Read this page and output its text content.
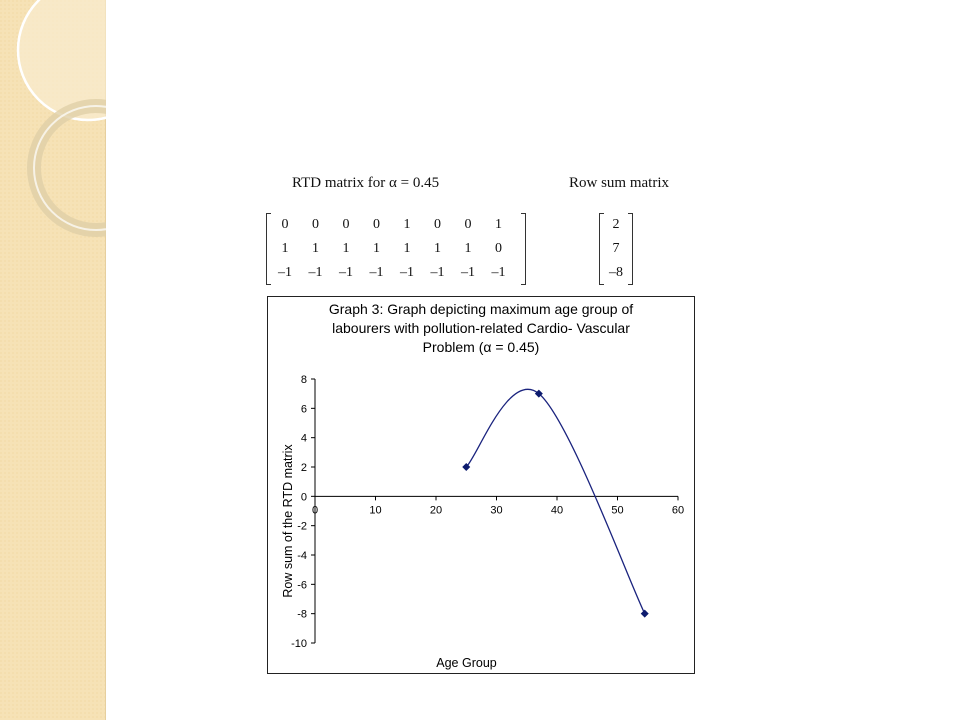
RTD matrix for α = 0.45	Row sum matrix
0	0	0	0	1	0	0	1
1	1	1	1	1	1	1	0
–1	–1	–1	–1	–1	–1	–1	–1
2
7
–8
Graph 3: Graph depicting maximum age group of
labourers with pollution-related Cardio- Vascular
Problem (α = 0.45)
8
6
4
2
0
-2
-4
-6
-8
-10
0	10	20	30	40	50	60
Age Group
Row sum of the RTD matrix
